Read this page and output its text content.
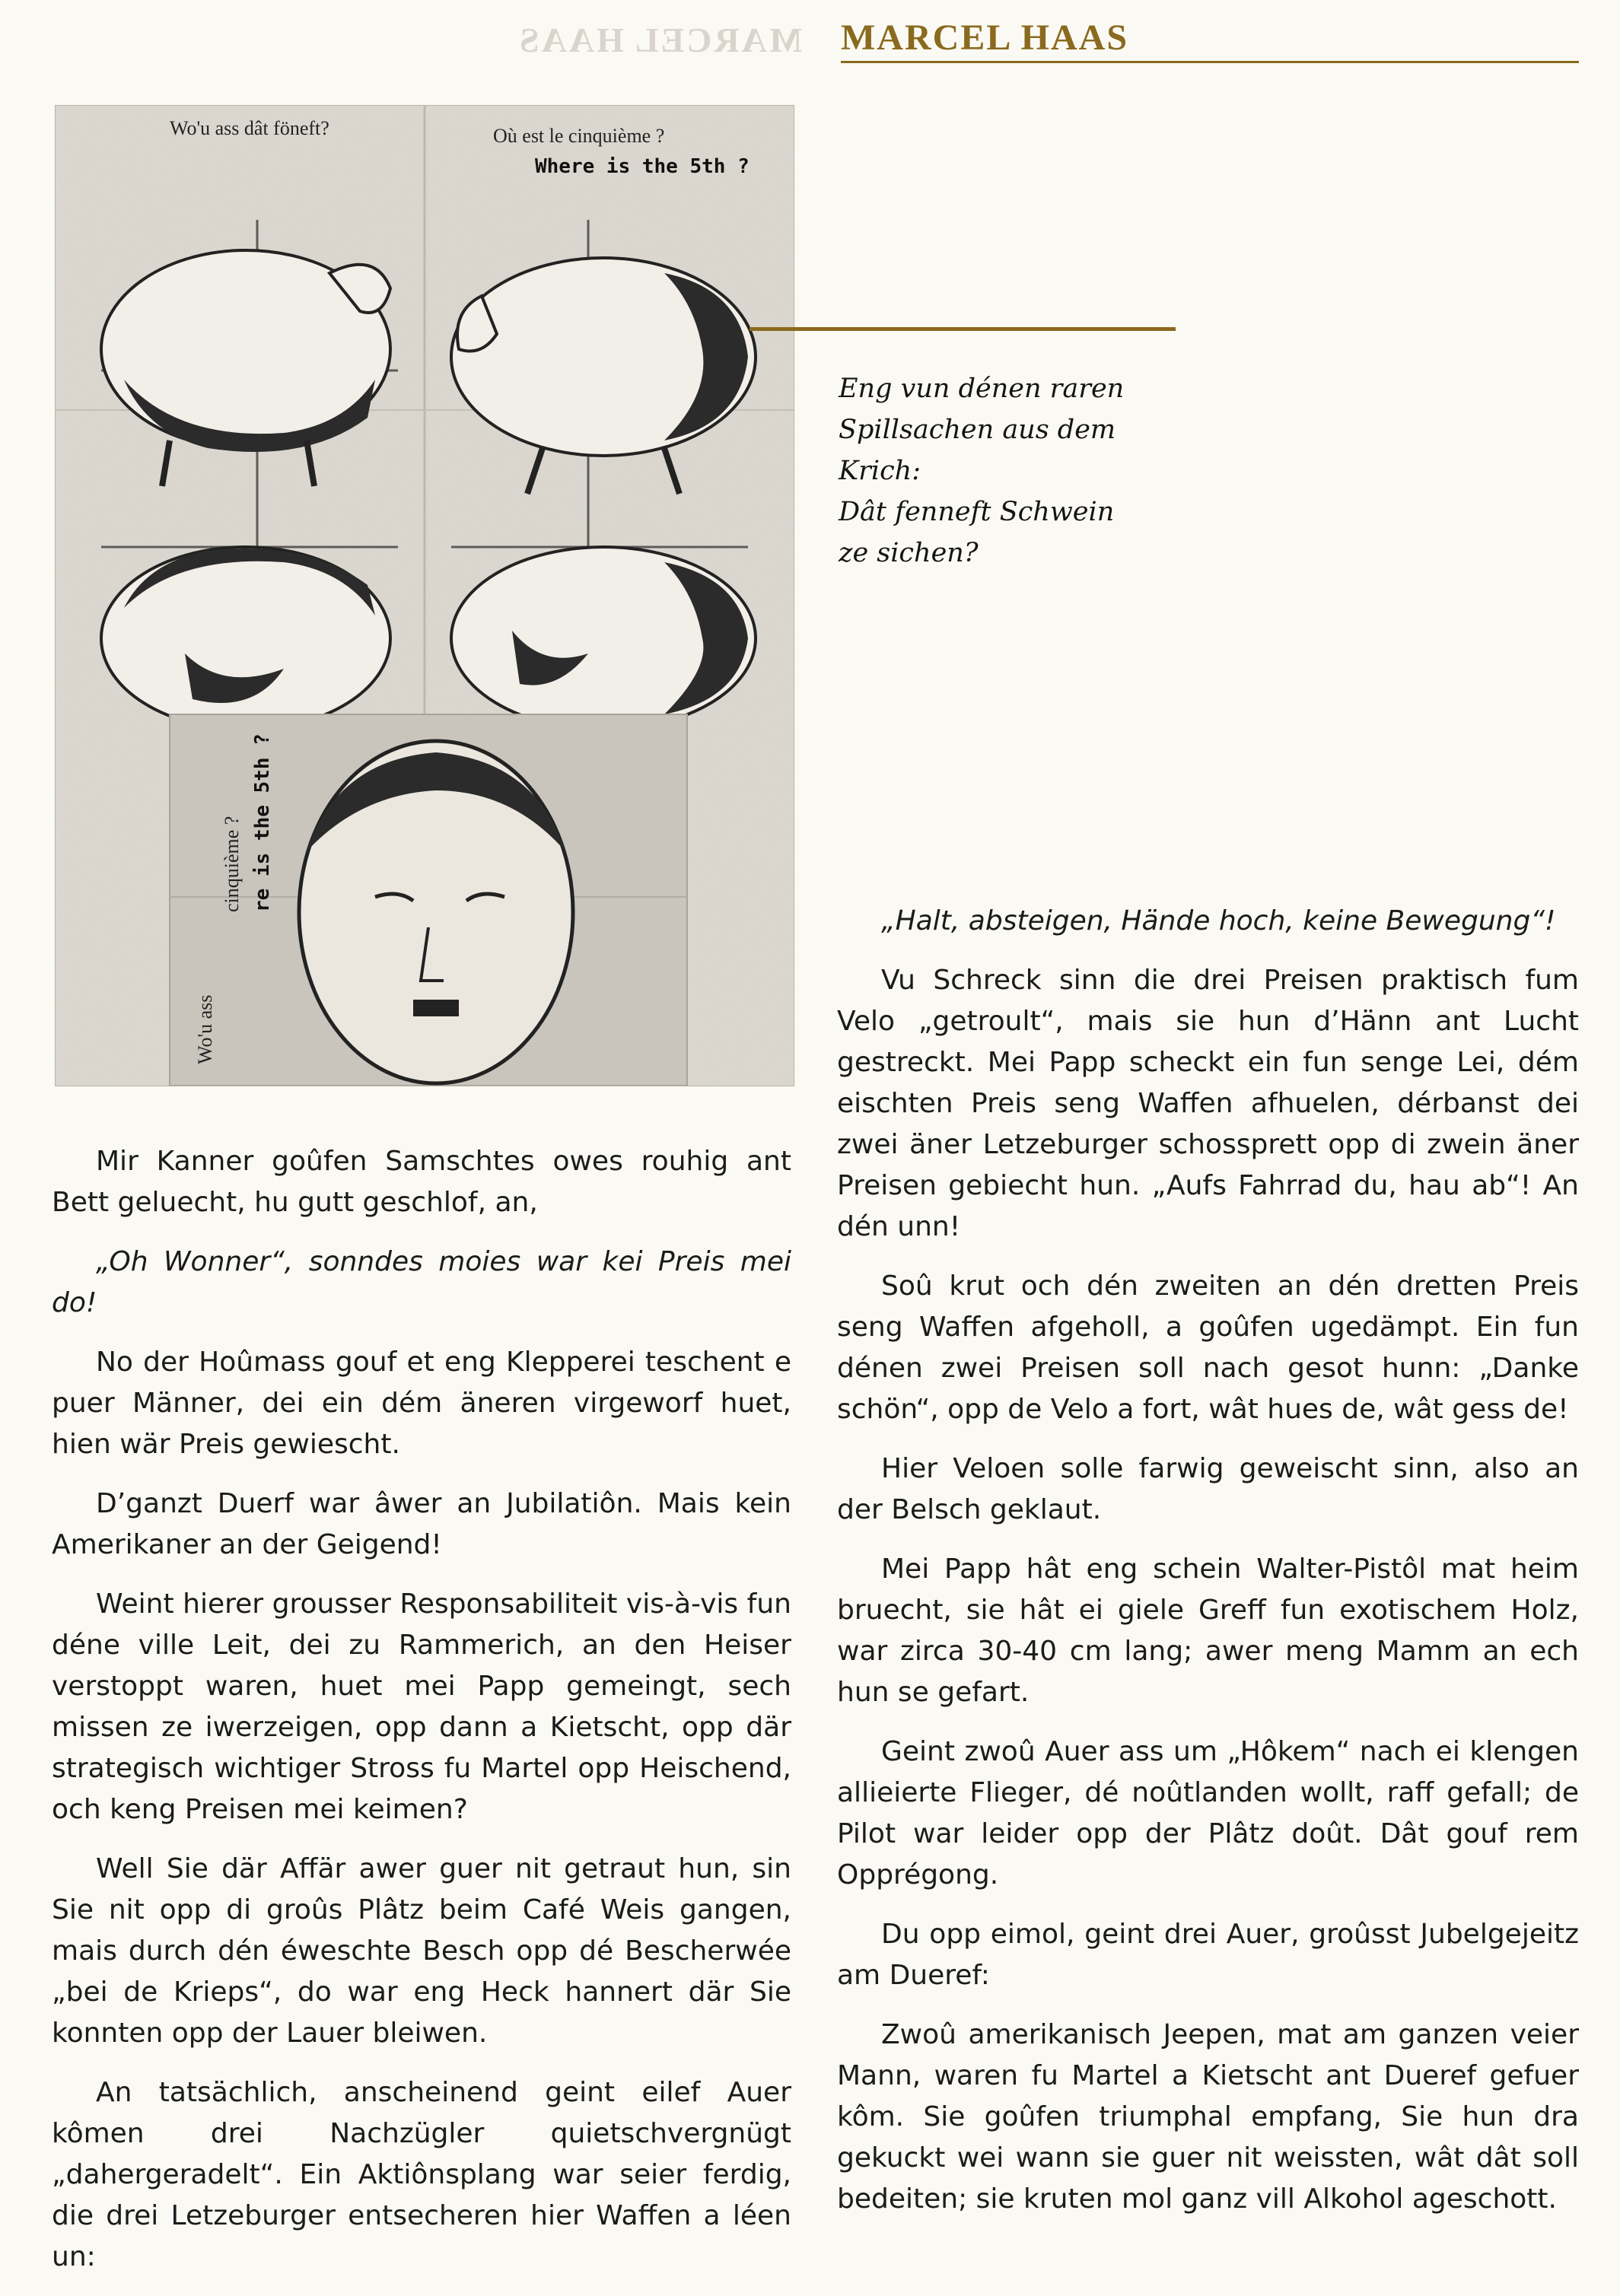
MARCEL HAAS MARCEL HAAS
Wo'u ass dât föneft?	Où est le cinquième ?
Where is the 5th ?
Wo'u ass
cinquième ? re is the 5th ?
Eng vun dénen raren
Spillsachen aus dem Krich:
Dât fenneft Schwein
ze sichen?

Mir Kanner goûfen Samschtes owes rouhig ant Bett geluecht, hu gutt geschlof, an,

„Oh Wonner“, sonndes moies war kei Preis mei do!

No der Hoûmass gouf et eng Klepperei teschent e puer Männer, dei ein dém äneren virgeworf huet, hien wär Preis gewiescht.

D’ganzt Duerf war âwer an Jubilatiôn. Mais kein Amerikaner an der Geigend!

Weint hierer grousser Responsabiliteit vis-à-vis fun déne ville Leit, dei zu Rammerich, an den Heiser verstoppt waren, huet mei Papp gemeingt, sech missen ze iwerzeigen, opp dann a Kietscht, opp där strategisch wichtiger Stross fu Martel opp Heischend, och keng Preisen mei keimen?

Well Sie där Affär awer guer nit getraut hun, sin Sie nit opp di groûs Plâtz beim Café Weis gangen, mais durch dén éweschte Besch opp dé Bescherwée „bei de Krieps“, do war eng Heck hannert där Sie konnten opp der Lauer bleiwen.

An tatsächlich, anscheinend geint eilef Auer kômen drei Nachzügler quietschvergnügt „dahergeradelt“. Ein Aktiônsplang war seier ferdig, die drei Letzeburger entsecheren hier Waffen a léen un:

„Halt, absteigen, Hände hoch, keine Bewegung“!

Vu Schreck sinn die drei Preisen praktisch fum Velo „getroult“, mais sie hun d’Hänn ant Lucht gestreckt. Mei Papp scheckt ein fun senge Lei, dém eischten Preis seng Waffen afhuelen, dérbanst dei zwei äner Letzeburger schossprett opp di zwein äner Preisen gebiecht hun. „Aufs Fahrrad du, hau ab“! An dén unn!

Soû krut och dén zweiten an dén dretten Preis seng Waffen afgeholl, a goûfen ugedämpt. Ein fun dénen zwei Preisen soll nach gesot hunn: „Danke schön“, opp de Velo a fort, wât hues de, wât gess de!

Hier Veloen solle farwig geweischt sinn, also an der Belsch geklaut.

Mei Papp hât eng schein Walter-Pistôl mat heim bruecht, sie hât ei giele Greff fun exotischem Holz, war zirca 30-40 cm lang; awer meng Mamm an ech hun se gefart.

Geint zwoû Auer ass um „Hôkem“ nach ei klengen allieierte Flieger, dé noûtlanden wollt, raff gefall; de Pilot war leider opp der Plâtz doût. Dât gouf rem Opprégong.

Du opp eimol, geint drei Auer, groûsst Jubelgejeitz am Dueref:

Zwoû amerikanisch Jeepen, mat am ganzen veier Mann, waren fu Martel a Kietscht ant Dueref gefuer kôm. Sie goûfen triumphal empfang, Sie hun dra gekuckt wei wann sie guer nit weissten, wât dât soll bedeiten; sie kruten mol ganz vill Alkohol ageschott.
